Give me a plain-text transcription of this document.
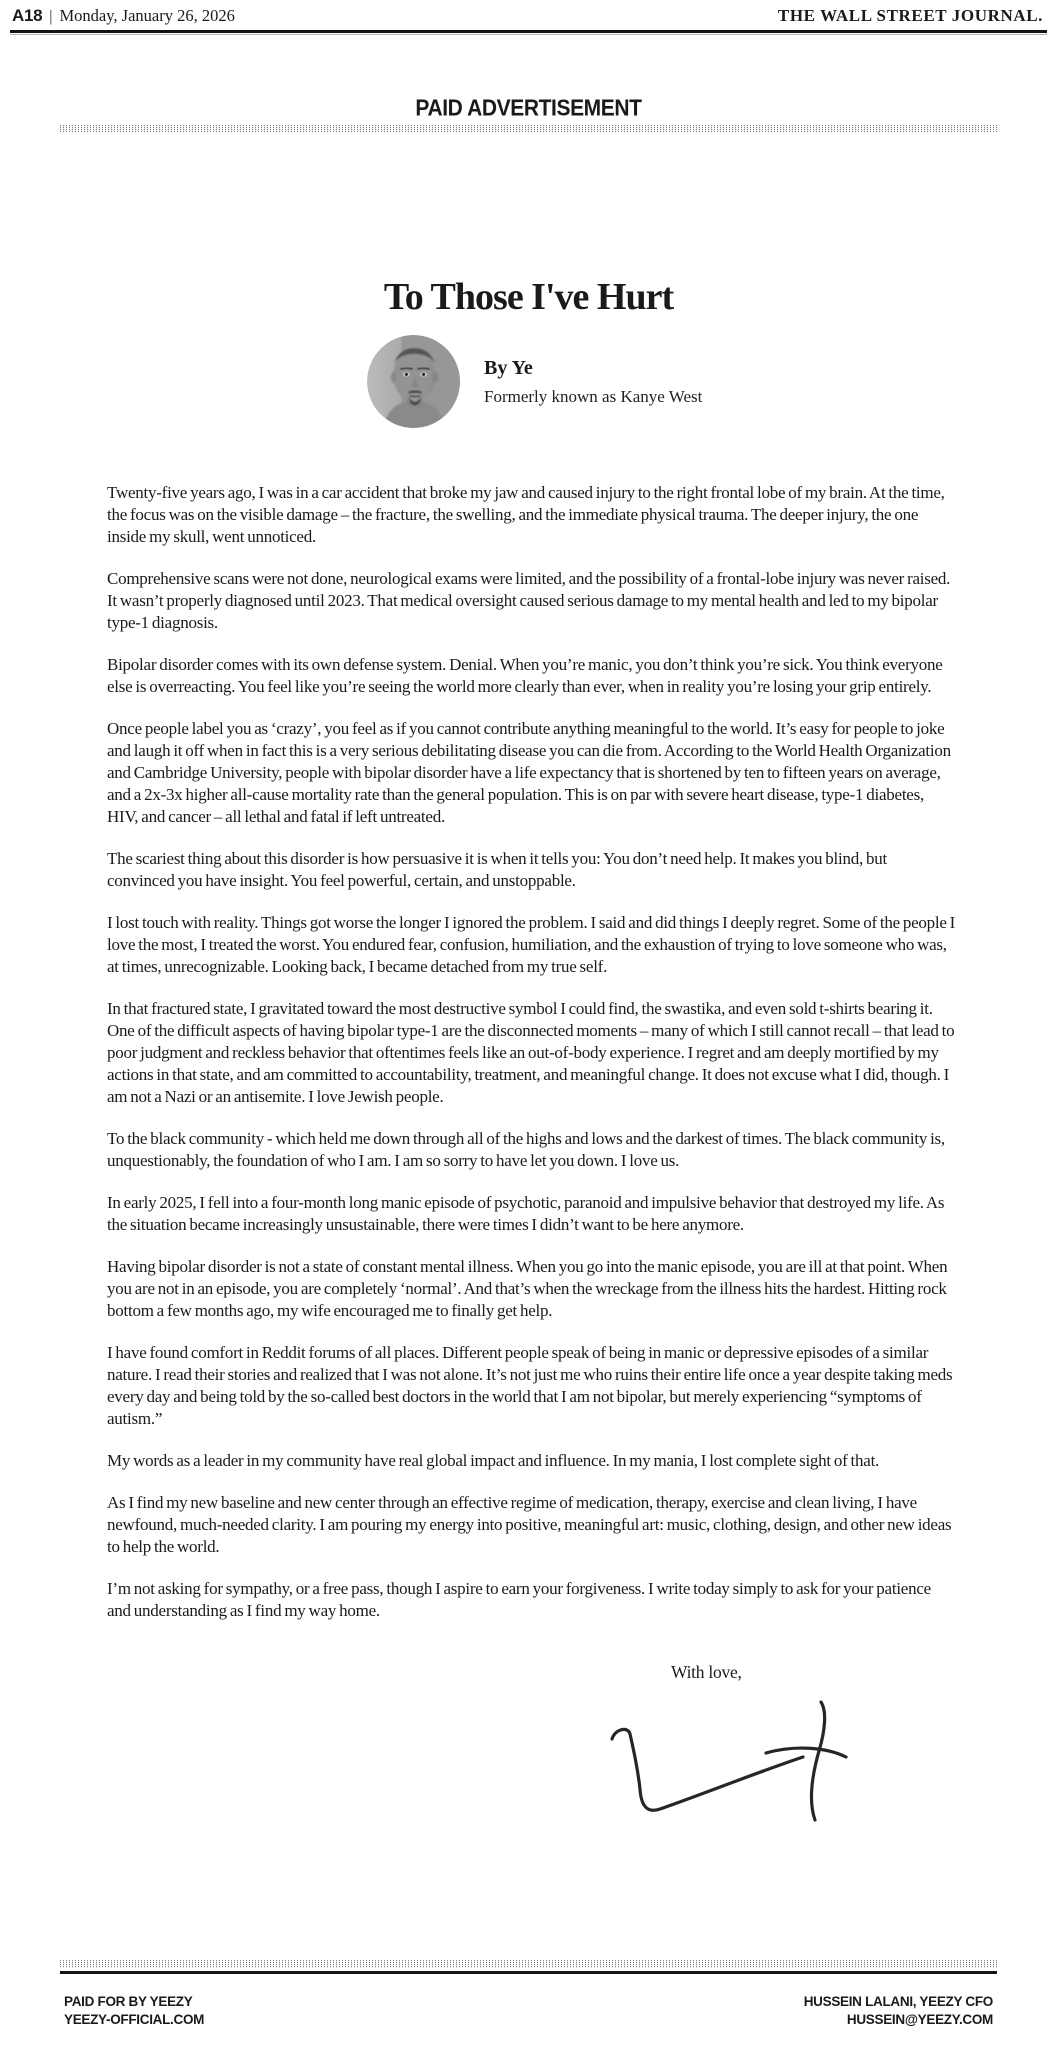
A18 | Monday, January 26, 2026	THE WALL STREET JOURNAL.
PAID ADVERTISEMENT
To Those I've Hurt
By Ye
Formerly known as Kanye West

Twenty-five years ago, I was in a car accident that broke my jaw and caused injury to the right frontal lobe of my brain. At the time, the focus was on the visible damage – the fracture, the swelling, and the immediate physical trauma. The deeper injury, the one inside my skull, went unnoticed.

Comprehensive scans were not done, neurological exams were limited, and the possibility of a frontal-lobe injury was never raised. It wasn’t properly diagnosed until 2023. That medical oversight caused serious damage to my mental health and led to my bipolar type-1 diagnosis.

Bipolar disorder comes with its own defense system. Denial. When you’re manic, you don’t think you’re sick. You think everyone else is overreacting. You feel like you’re seeing the world more clearly than ever, when in reality you’re losing your grip entirely.

Once people label you as ‘crazy’, you feel as if you cannot contribute anything meaningful to the world. It’s easy for people to joke and laugh it off when in fact this is a very serious debilitating disease you can die from. According to the World Health Organization and Cambridge University, people with bipolar disorder have a life expectancy that is shortened by ten to fifteen years on average, and a 2x-3x higher all-cause mortality rate than the general population. This is on par with severe heart disease, type-1 diabetes, HIV, and cancer – all lethal and fatal if left untreated.

The scariest thing about this disorder is how persuasive it is when it tells you: You don’t need help. It makes you blind, but convinced you have insight. You feel powerful, certain, and unstoppable.

I lost touch with reality. Things got worse the longer I ignored the problem. I said and did things I deeply regret. Some of the people I love the most, I treated the worst. You endured fear, confusion, humiliation, and the exhaustion of trying to love someone who was, at times, unrecognizable. Looking back, I became detached from my true self.

In that fractured state, I gravitated toward the most destructive symbol I could find, the swastika, and even sold t-shirts bearing it. One of the difficult aspects of having bipolar type-1 are the disconnected moments – many of which I still cannot recall – that lead to poor judgment and reckless behavior that oftentimes feels like an out-of-body experience. I regret and am deeply mortified by my actions in that state, and am committed to accountability, treatment, and meaningful change. It does not excuse what I did, though. I am not a Nazi or an antisemite. I love Jewish people.

To the black community - which held me down through all of the highs and lows and the darkest of times. The black community is, unquestionably, the foundation of who I am. I am so sorry to have let you down. I love us.

In early 2025, I fell into a four-month long manic episode of psychotic, paranoid and impulsive behavior that destroyed my life. As the situation became increasingly unsustainable, there were times I didn’t want to be here anymore.

Having bipolar disorder is not a state of constant mental illness. When you go into the manic episode, you are ill at that point. When you are not in an episode, you are completely ‘normal’. And that’s when the wreckage from the illness hits the hardest. Hitting rock bottom a few months ago, my wife encouraged me to finally get help.

I have found comfort in Reddit forums of all places. Different people speak of being in manic or depressive episodes of a similar nature. I read their stories and realized that I was not alone. It’s not just me who ruins their entire life once a year despite taking meds every day and being told by the so-called best doctors in the world that I am not bipolar, but merely experiencing “symptoms of autism.”

My words as a leader in my community have real global impact and influence. In my mania, I lost complete sight of that.

As I find my new baseline and new center through an effective regime of medication, therapy, exercise and clean living, I have newfound, much-needed clarity. I am pouring my energy into positive, meaningful art: music, clothing, design, and other new ideas to help the world.

I’m not asking for sympathy, or a free pass, though I aspire to earn your forgiveness. I write today simply to ask for your patience and understanding as I find my way home.

With love,
PAID FOR BY YEEZY
YEEZY-OFFICIAL.COM
HUSSEIN LALANI, YEEZY CFO
HUSSEIN@YEEZY.COM
